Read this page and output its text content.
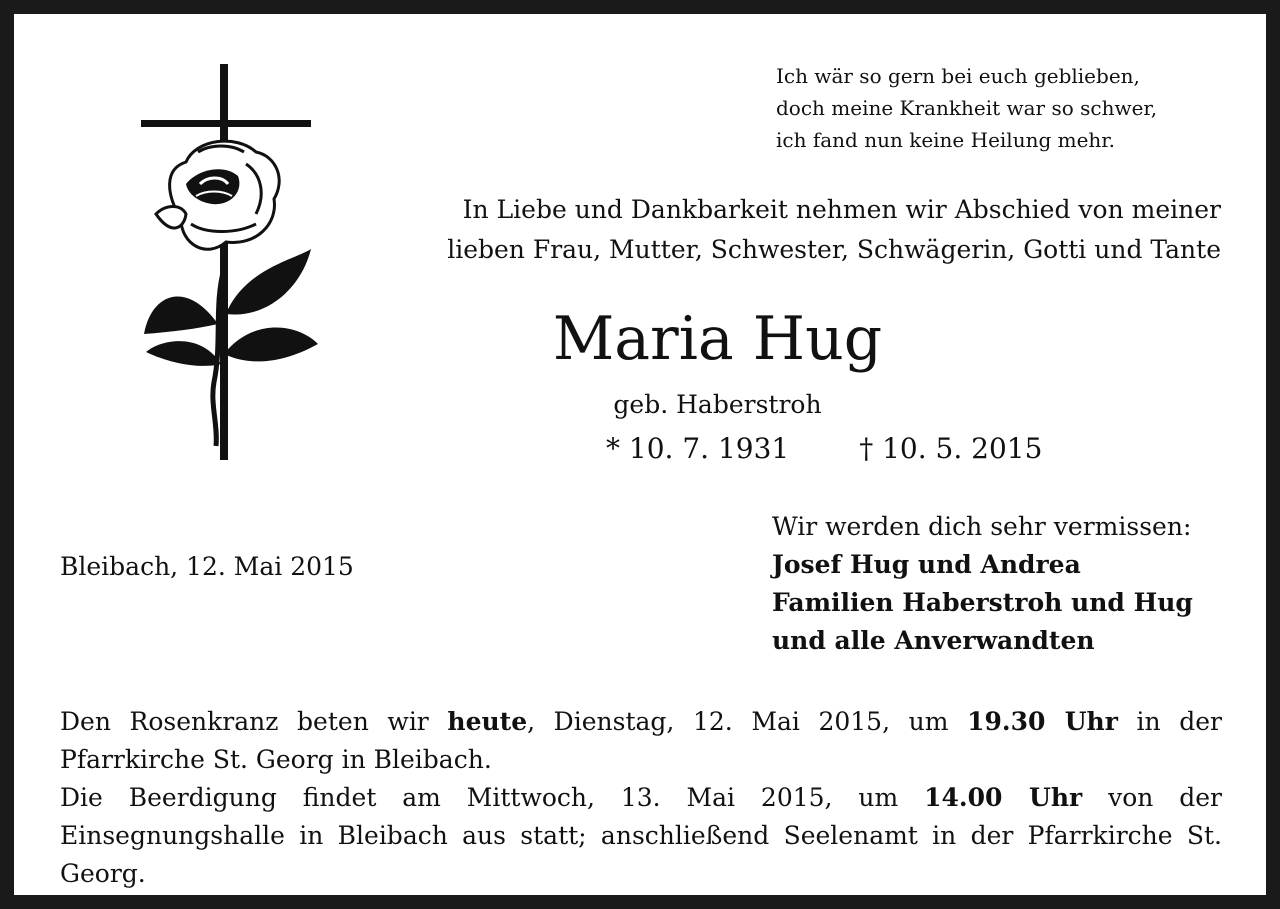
Ich wär so gern bei euch geblieben,
doch meine Krankheit war so schwer,
ich fand nun keine Heilung mehr.
In Liebe und Dankbarkeit nehmen wir Abschied von meiner
lieben Frau, Mutter, Schwester, Schwägerin, Gotti und Tante
Maria Hug
geb. Haberstroh
* 10. 7. 1931	† 10. 5. 2015
Bleibach, 12. Mai 2015
Wir werden dich sehr vermissen:
Josef Hug und Andrea
Familien Haberstroh und Hug
und alle Anverwandten

Den Rosenkranz beten wir heute, Dienstag, 12. Mai 2015, um 19.30 Uhr in der Pfarrkirche St. Georg in Bleibach.

Die Beerdigung findet am Mittwoch, 13. Mai 2015, um 14.00 Uhr von der Einsegnungshalle in Bleibach aus statt; anschließend Seelenamt in der Pfarrkirche St. Georg.
